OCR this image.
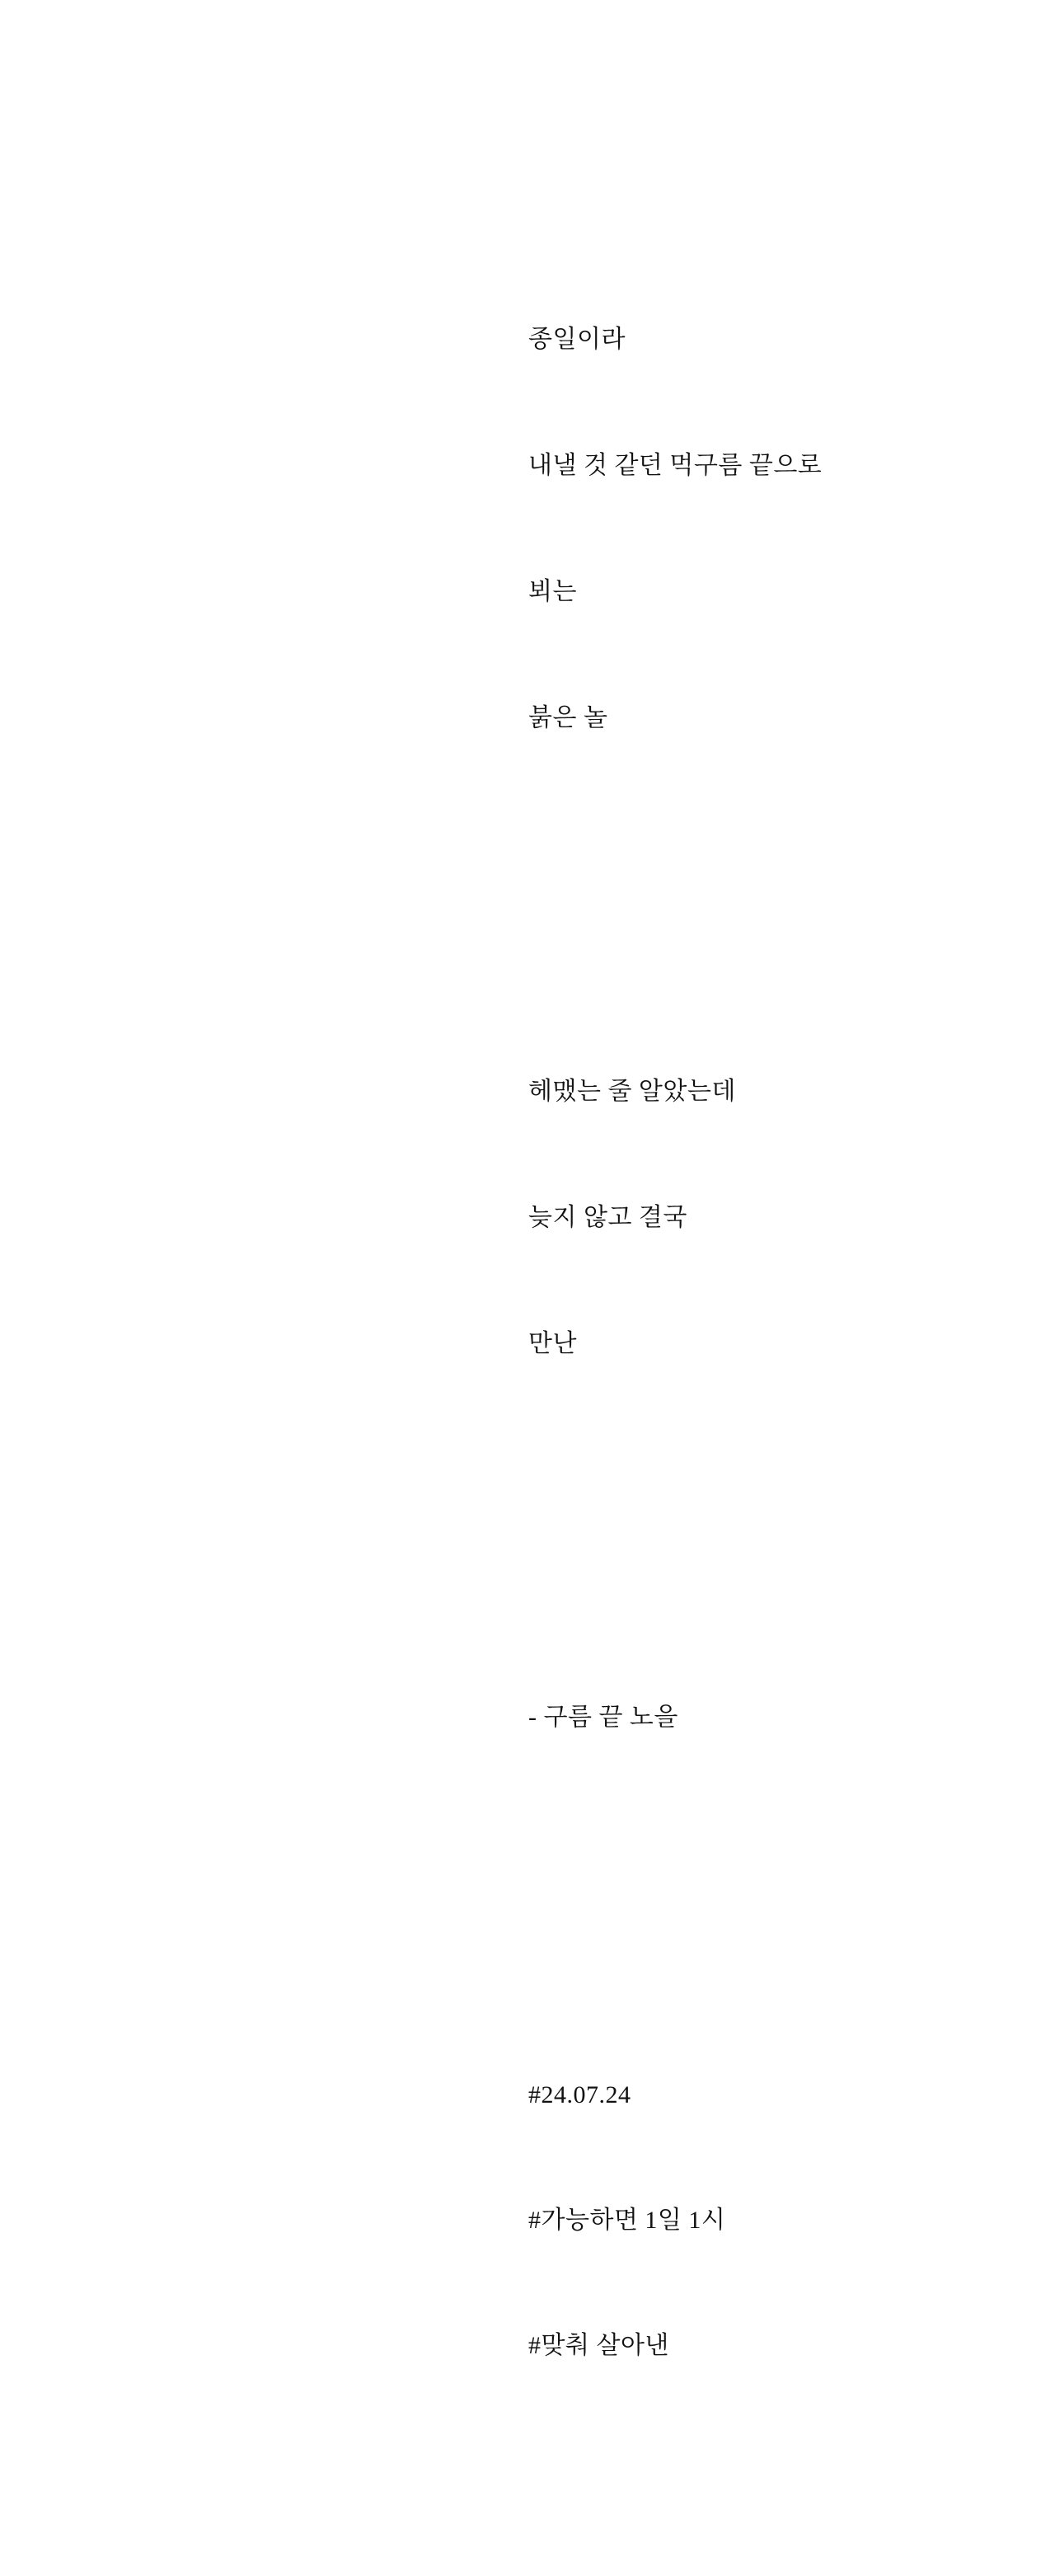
종일이라

내낼 것 같던 먹구름 끝으로

뵈는

붉은 놀

헤맸는 줄 알았는데

늦지 않고 결국

만난

- 구름 끝 노을

#24.07.24

#가능하면 1일 1시

#맞춰 살아낸
